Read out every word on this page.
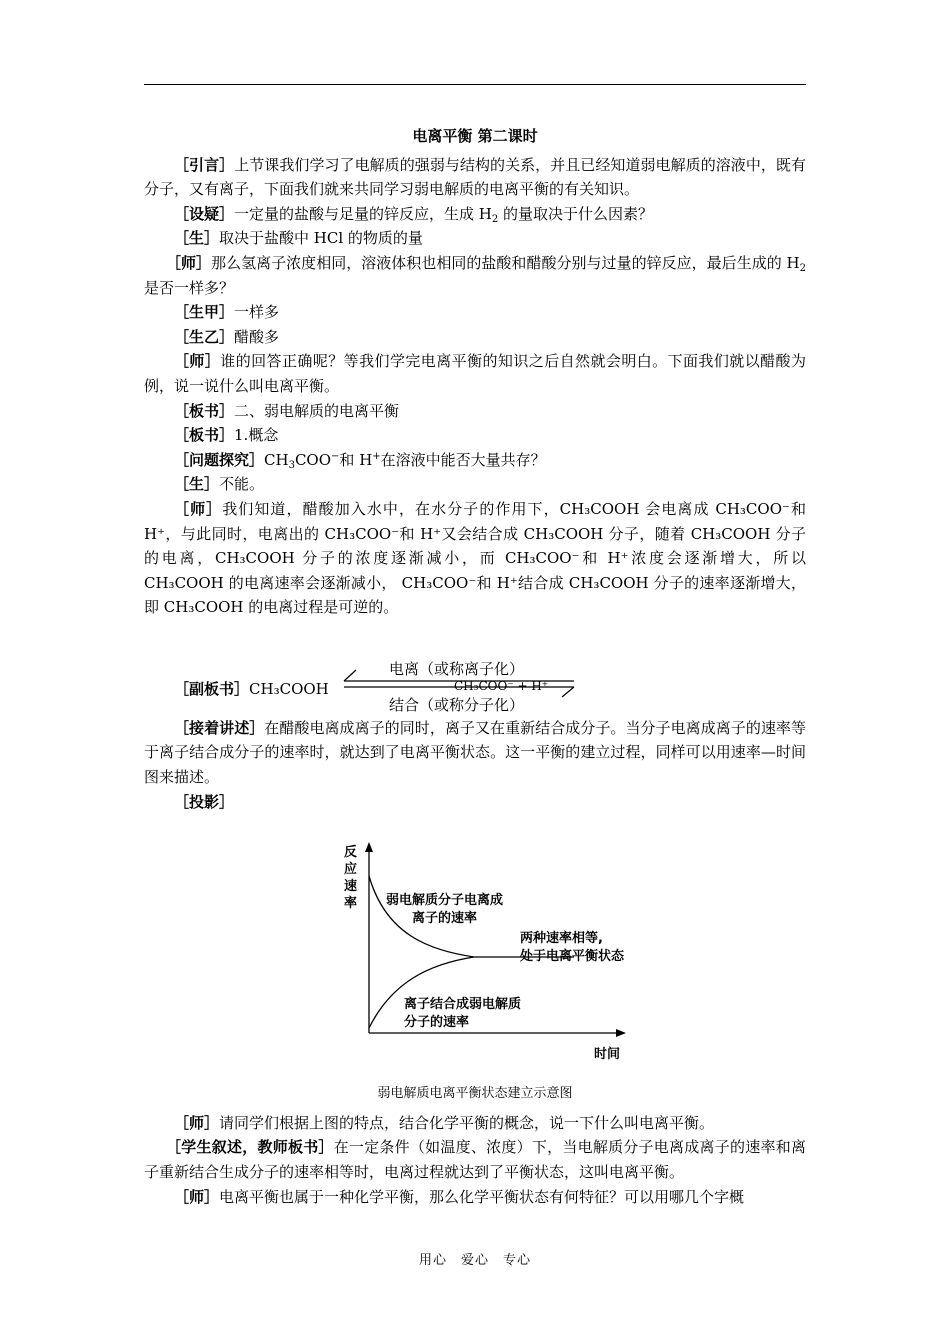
电离平衡 第二课时

［引言］上节课我们学习了电解质的强弱与结构的关系，并且已经知道弱电解质的溶液中，既有分子，又有离子，下面我们就来共同学习弱电解质的电离平衡的有关知识。

［设疑］一定量的盐酸与足量的锌反应，生成 $H_2$ 的量取决于什么因素？

［生］取决于盐酸中 HCl 的物质的量

［师］那么氢离子浓度相同，溶液体积也相同的盐酸和醋酸分别与过量的锌反应，最后生成的 $H_2$ 是否一样多？

［生甲］一样多

［生乙］醋酸多

［师］谁的回答正确呢？等我们学完电离平衡的知识之后自然就会明白。下面我们就以醋酸为例，说一说什么叫电离平衡。

［板书］二、弱电解质的电离平衡

［板书］1.概念

［问题探究$]CH_3COO^-$和 H+在溶液中能否大量共存？

［生］不能。

［师］我们知道，醋酸加入水中，在水分子的作用下，CH₃COOH 会电离成 CH₃COO⁻和 H⁺，与此同时，电离出的 CH₃COO⁻和 H⁺又会结合成 CH₃COOH 分子，随着 CH₃COOH 分子的电离，CH₃COOH 分子的浓度逐渐减小，而 CH₃COO⁻和 H⁺浓度会逐渐增大，所以 CH₃COOH 的电离速率会逐渐减小， CH₃COO⁻和 H⁺结合成 CH₃COOH 分子的速率逐渐增大，即 CH₃COOH 的电离过程是可逆的。

［副板书］CH₃COOH
电离（或称离子化）
CH₃COO⁻ + H⁺
结合（或称分子化）

［接着讲述］在醋酸电离成离子的同时，离子又在重新结合成分子。当分子电离成离子的速率等于离子结合成分子的速率时，就达到了电离平衡状态。这一平衡的建立过程，同样可以用速率—时间图来描述。

［投影］

反
应
速
率 弱电解质分子电离成
离子的速率
两种速率相等,
处于电离平衡状态
离子结合成弱电解质
分子的速率
时间

弱电解质电离平衡状态建立示意图

［师］请同学们根据上图的特点，结合化学平衡的概念，说一下什么叫电离平衡。

［学生叙述，教师板书］在一定条件（如温度、浓度）下，当电解质分子电离成离子的速率和离子重新结合生成分子的速率相等时，电离过程就达到了平衡状态，这叫电离平衡。

［师］电离平衡也属于一种化学平衡，那么化学平衡状态有何特征？可以用哪几个字概

用心　爱心　专心
